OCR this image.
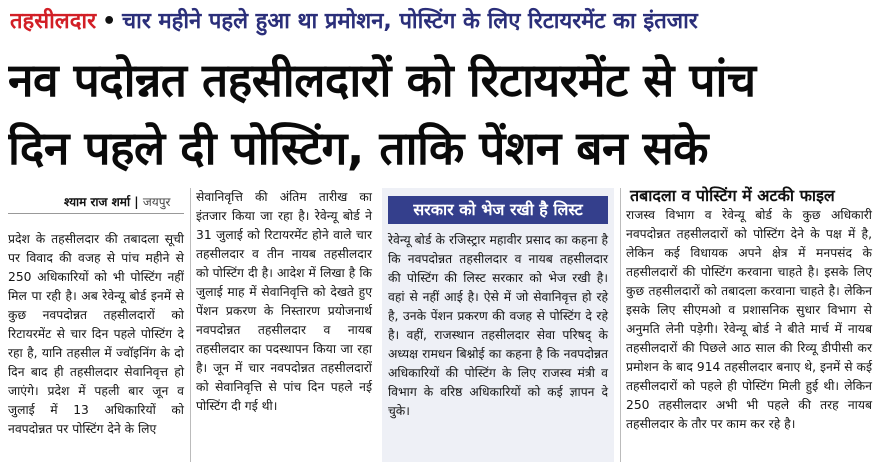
तहसीलदार • चार महीने पहले हुआ था प्रमोशन, पोस्टिंग के लिए रिटायरमेंट का इंतजार
नव पदोन्नत तहसीलदारों को रिटायरमेंट से पांच
दिन पहले दी पोस्टिंग, ताकि पेंशन बन सके
श्याम राज शर्मा | जयपुर
प्रदेश के तहसीलदार की तबादला सूची पर विवाद की वजह से पांच महीने से 250 अधिकारियों को भी पोस्टिंग नहीं मिल पा रही है। अब रेवेन्यू बोर्ड इनमें से कुछ नवपदोन्नत तहसीलदारों को रिटायरमेंट से चार दिन पहले पोस्टिंग दे रहा है, यानि तहसील में ज्वॉइनिंग के दो दिन बाद ही तहसीलदार सेवानिवृत्त हो जाएंगे। प्रदेश में पहली बार जून व जुलाई में 13 अधिकारियों को नवपदोन्नत पर पोस्टिंग देने के लिए
सेवानिवृत्ति की अंतिम तारीख का इंतजार किया जा रहा है। रेवेन्यू बोर्ड ने 31 जुलाई को रिटायरमेंट होने वाले चार तहसीलदार व तीन नायब तहसीलदार को पोस्टिंग दी है। आदेश में लिखा है कि जुलाई माह में सेवानिवृत्ति को देखते हुए पेंशन प्रकरण के निस्तारण प्रयोजनार्थ नवपदोन्नत तहसीलदार व नायब तहसीलदार का पदस्थापन किया जा रहा है। जून में चार नवपदोन्नत तहसीलदारों को सेवानिवृत्ति से पांच दिन पहले नई पोस्टिंग दी गई थी।
सरकार को भेज रखी है लिस्ट
रेवेन्यू बोर्ड के रजिस्ट्रार महावीर प्रसाद का कहना है कि नवपदोन्नत तहसीलदार व नायब तहसीलदार की पोस्टिंग की लिस्ट सरकार को भेज रखी है। वहां से नहीं आई है। ऐसे में जो सेवानिवृत्त हो रहे है, उनके पेंशन प्रकरण की वजह से पोस्टिंग दे रहे है। वहीं, राजस्थान तहसीलदार सेवा परिषद् के अध्यक्ष रामधन बिश्नोई का कहना है कि नवपदोन्नत अधिकारियों की पोस्टिंग के लिए राजस्व मंत्री व विभाग के वरिष्ठ अधिकारियों को कई ज्ञापन दे चुके।
तबादला व पोस्टिंग में अटकी फाइल
राजस्व विभाग व रेवेन्यू बोर्ड के कुछ अधिकारी नवपदोन्नत तहसीलदारों को पोस्टिंग देने के पक्ष में है, लेकिन कई विधायक अपने क्षेत्र में मनपसंद के तहसीलदारों की पोस्टिंग करवाना चाहते है। इसके लिए कुछ तहसीलदारों को तबादला करवाना चाहते है। लेकिन इसके लिए सीएमओ व प्रशासनिक सुधार विभाग से अनुमति लेनी पड़ेगी। रेवेन्यू बोर्ड ने बीते मार्च में नायब तहसीलदारों की पिछले आठ साल की रिव्यू डीपीसी कर प्रमोशन के बाद 914 तहसीलदार बनाए थे, इनमें से कई तहसीलदारों को पहले ही पोस्टिंग मिली हुई थी। लेकिन 250 तहसीलदार अभी भी पहले की तरह नायब तहसीलदार के तौर पर काम कर रहे है।
